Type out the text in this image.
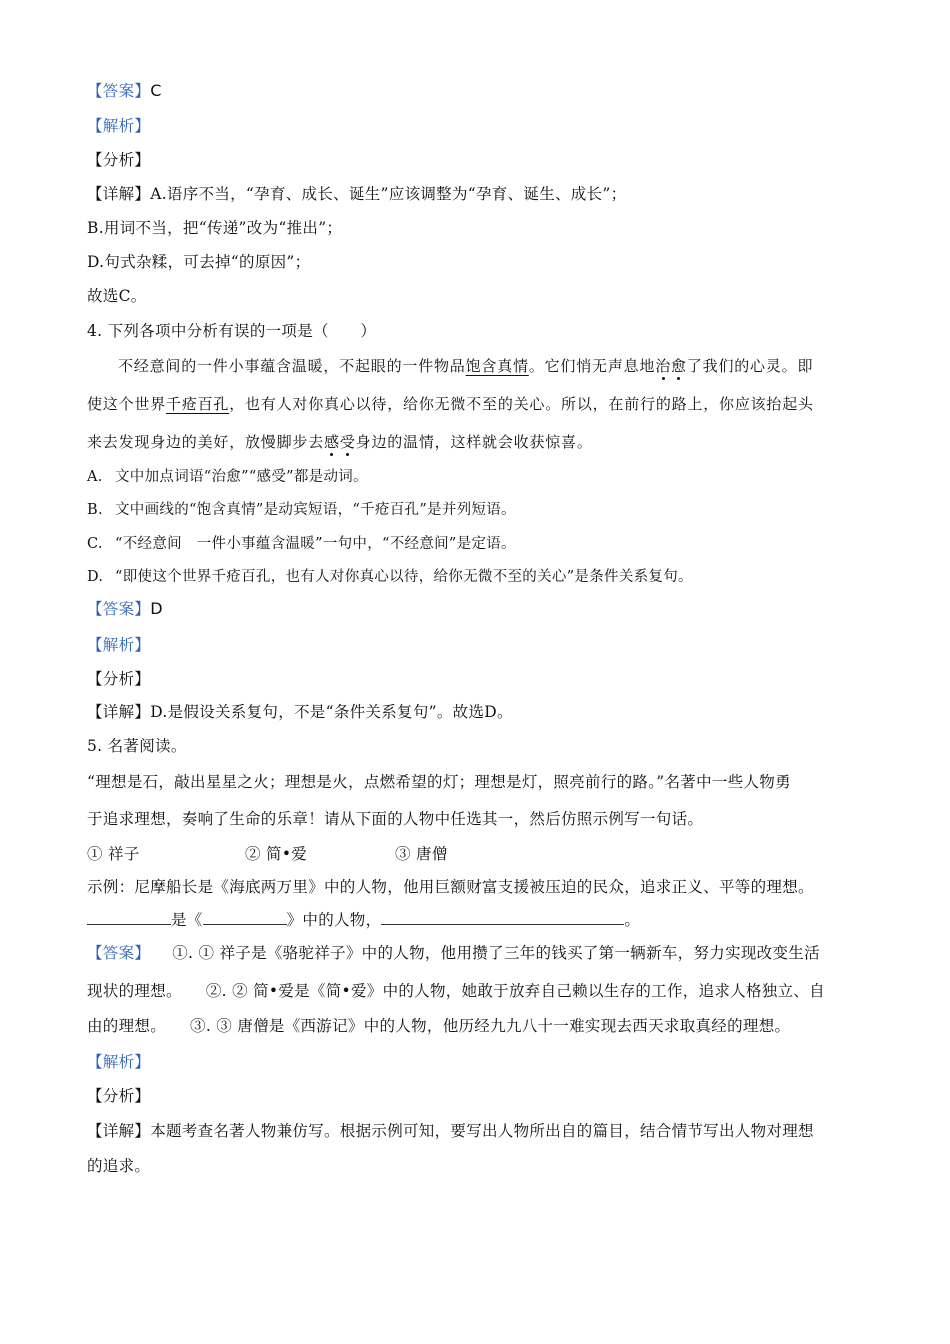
【答案】C
【解析】
【分析】
【详解】A.语序不当，“孕育、成长、诞生”应该调整为“孕育、诞生、成长”；
B.用词不当，把“传递”改为“推出”；
D.句式杂糅，可去掉“的原因”；
故选C。
4. 下列各项中分析有误的一项是（　　）
不经意间的一件小事蕴含温暖，不起眼的一件物品饱含真情。它们悄无声息地治愈了我们的心灵。即
使这个世界千疮百孔，也有人对你真心以待，给你无微不至的关心。所以，在前行的路上，你应该抬起头
来去发现身边的美好，放慢脚步去感受身边的温情，这样就会收获惊喜。
A. 文中加点词语“治愈”“感受”都是动词。
B. 文中画线的“饱含真情”是动宾短语，“千疮百孔”是并列短语。
C. “不经意间　一件小事蕴含温暖”一句中，“不经意间”是定语。
D. “即使这个世界千疮百孔，也有人对你真心以待，给你无微不至的关心”是条件关系复句。
【答案】D
【解析】
【分析】
【详解】D.是假设关系复句，不是“条件关系复句”。故选D。
5. 名著阅读。
“理想是石，敲出星星之火；理想是火，点燃希望的灯；理想是灯，照亮前行的路。”名著中一些人物勇
于追求理想，奏响了生命的乐章！请从下面的人物中任选其一，然后仿照示例写一句话。
① 祥子	② 简•爱	③ 唐僧
示例：尼摩船长是《海底两万里》中的人物，他用巨额财富支援被压迫的民众，追求正义、平等的理想。
是《	》中的人物，	。
【答案】 ①. ① 祥子是《骆驼祥子》中的人物，他用攒了三年的钱买了第一辆新车，努力实现改变生活
现状的理想。 ②. ② 简•爱是《简•爱》中的人物，她敢于放弃自己赖以生存的工作，追求人格独立、自
由的理想。 ③. ③ 唐僧是《西游记》中的人物，他历经九九八十一难实现去西天求取真经的理想。
【解析】
【分析】
【详解】本题考查名著人物兼仿写。根据示例可知，要写出人物所出自的篇目，结合情节写出人物对理想
的追求。
